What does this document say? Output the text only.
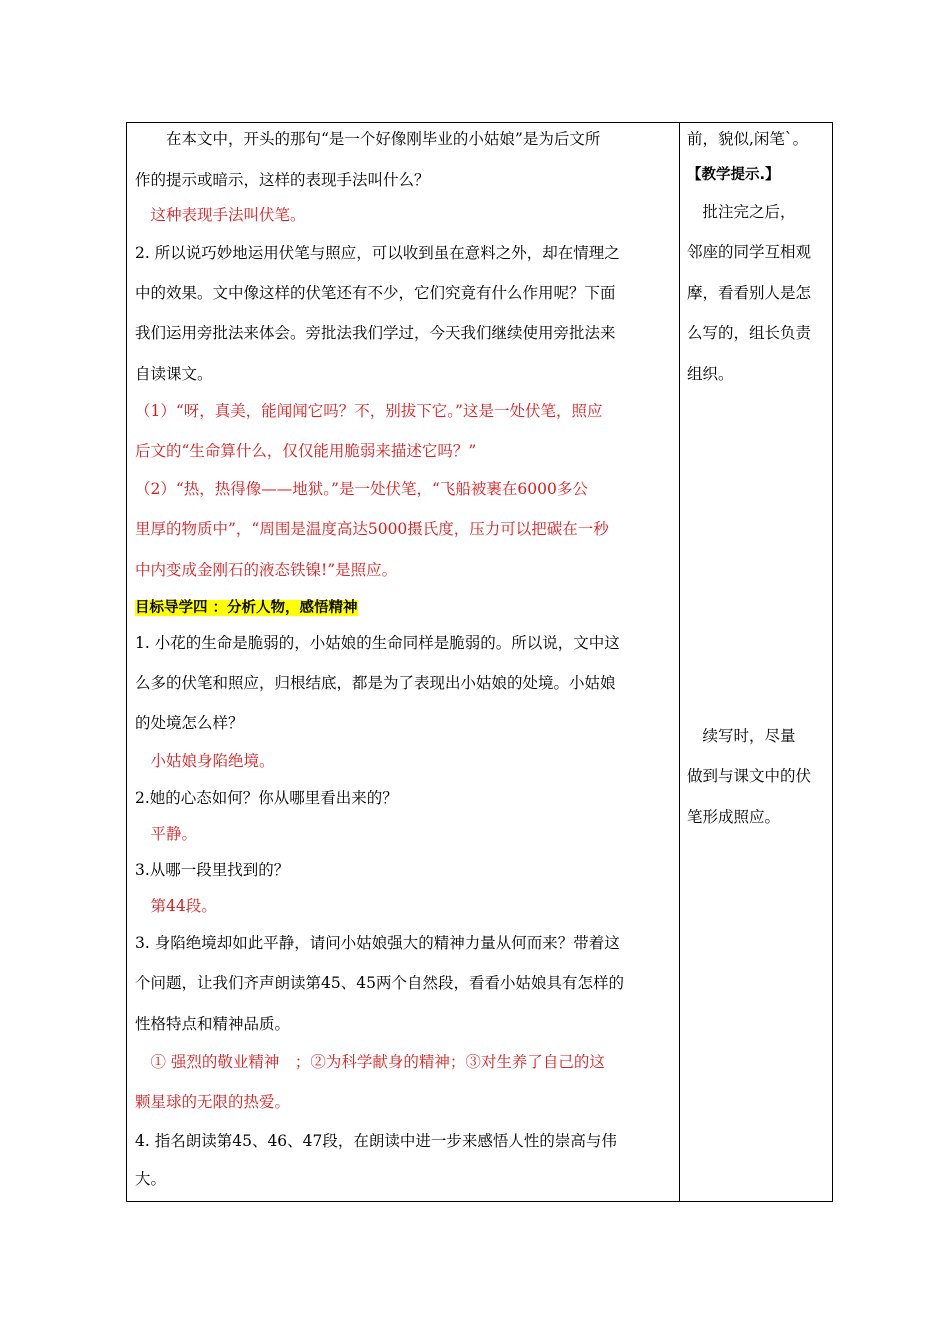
　　在本文中，开头的那句“是一个好像刚毕业的小姑娘”是为后文所
作的提示或暗示，这样的表现手法叫什么？
　这种表现手法叫伏笔。
2. 所以说巧妙地运用伏笔与照应，可以收到虽在意料之外，却在情理之
中的效果。文中像这样的伏笔还有不少，它们究竟有什么作用呢？下面
我们运用旁批法来体会。旁批法我们学过，今天我们继续使用旁批法来
自读课文。
（1）“呀，真美，能闻闻它吗？不，别拔下它。”这是一处伏笔，照应
后文的“生命算什么，仅仅能用脆弱来描述它吗？”
（2）“热，热得像——地狱。”是一处伏笔，“飞船被裹在6000多公
里厚的物质中”，“周围是温度高达5000摄氏度，压力可以把碳在一秒
中内变成金刚石的液态铁镍!”是照应。
目标导学四 ：分析人物，感悟精神
1. 小花的生命是脆弱的，小姑娘的生命同样是脆弱的。所以说，文中这
么多的伏笔和照应，归根结底，都是为了表现出小姑娘的处境。小姑娘
的处境怎么样？
　小姑娘身陷绝境。
2.她的心态如何？你从哪里看出来的？
　平静。
3.从哪一段里找到的？
　第44段。
3. 身陷绝境却如此平静，请问小姑娘强大的精神力量从何而来？带着这
个问题，让我们齐声朗读第45、45两个自然段，看看小姑娘具有怎样的
性格特点和精神品质。
　① 强烈的敬业精神　；②为科学献身的精神；③对生养了自己的这
颗星球的无限的热爱。
4. 指名朗读第45、46、47段，在朗读中进一步来感悟人性的崇高与伟
大。
前，貌似,闲笔`。
【教学提示.】
　批注完之后，
邻座的同学互相观
摩，看看别人是怎
么写的，组长负责
组织。
　续写时，尽量
做到与课文中的伏
笔形成照应。
